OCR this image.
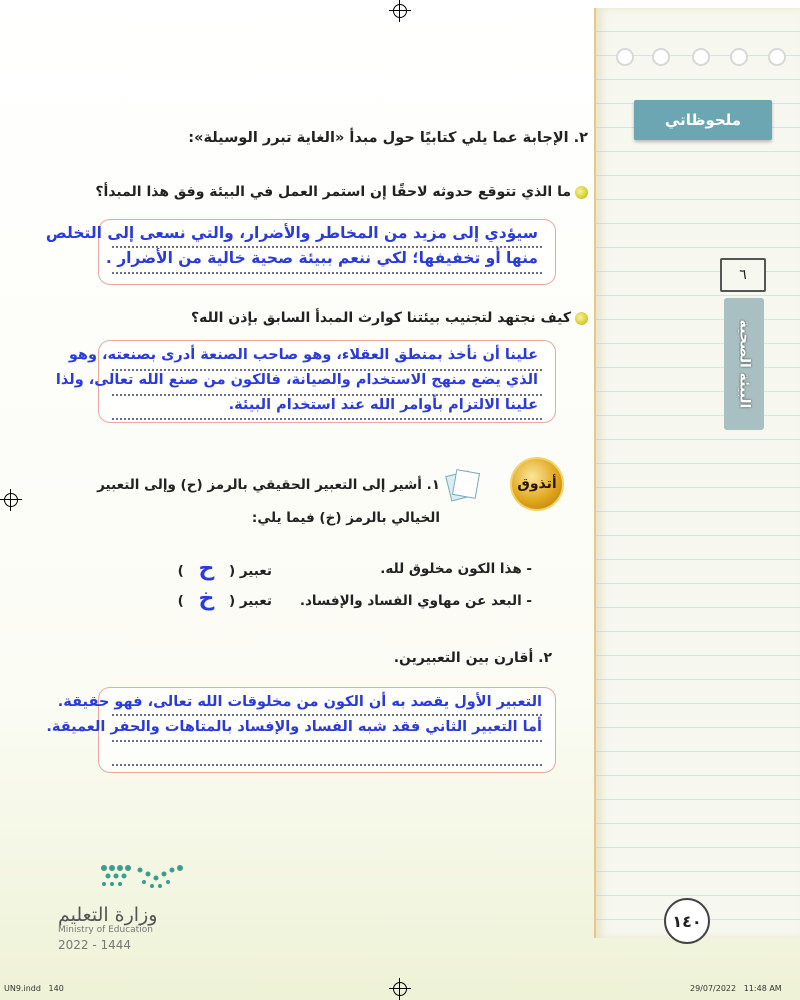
ملحوظاتي
٦
البيئة الصحية
٢. الإجابة عما يلي كتابيًا حول مبدأ «الغاية تبرر الوسيلة»:
ما الذي تتوقع حدوثه لاحقًا إن استمر العمل في البيئة وفق هذا المبدأ؟
سيؤدي إلى مزيد من المخاطر والأضرار، والتي نسعى إلى التخلص
منها أو تخفيفها؛ لكي ننعم ببيئة صحية خالية من الأضرار .
كيف نجتهد لتجنيب بيئتنا كوارث المبدأ السابق بإذن الله؟
علينا أن نأخذ بمنطق العقلاء، وهو صاحب الصنعة أدرى بصنعته، وهو
الذي يضع منهج الاستخدام والصيانة، فالكون من صنع الله تعالى، ولذا
علينا الالتزام بأوامر الله عند استخدام البيئة.
أتذوق
١. أشير إلى التعبير الحقيقي بالرمز (ح) وإلى التعبير
الخيالي بالرمز (خ) فيما يلي:
- هذا الكون مخلوق لله.
تعبير ( ح )
- البعد عن مهاوي الفساد والإفساد.
تعبير ( خ )
٢. أقارن بين التعبيرين.
التعبير الأول يقصد به أن الكون من مخلوقات الله تعالى، فهو حقيقة.
أما التعبير الثاني فقد شبه الفساد والإفساد بالمتاهات والحفر العميقة.
وزارة التعليم
Ministry of Education
2022 - 1444
١٤٠
UN9.indd   140	29/07/2022   11:48 AM
